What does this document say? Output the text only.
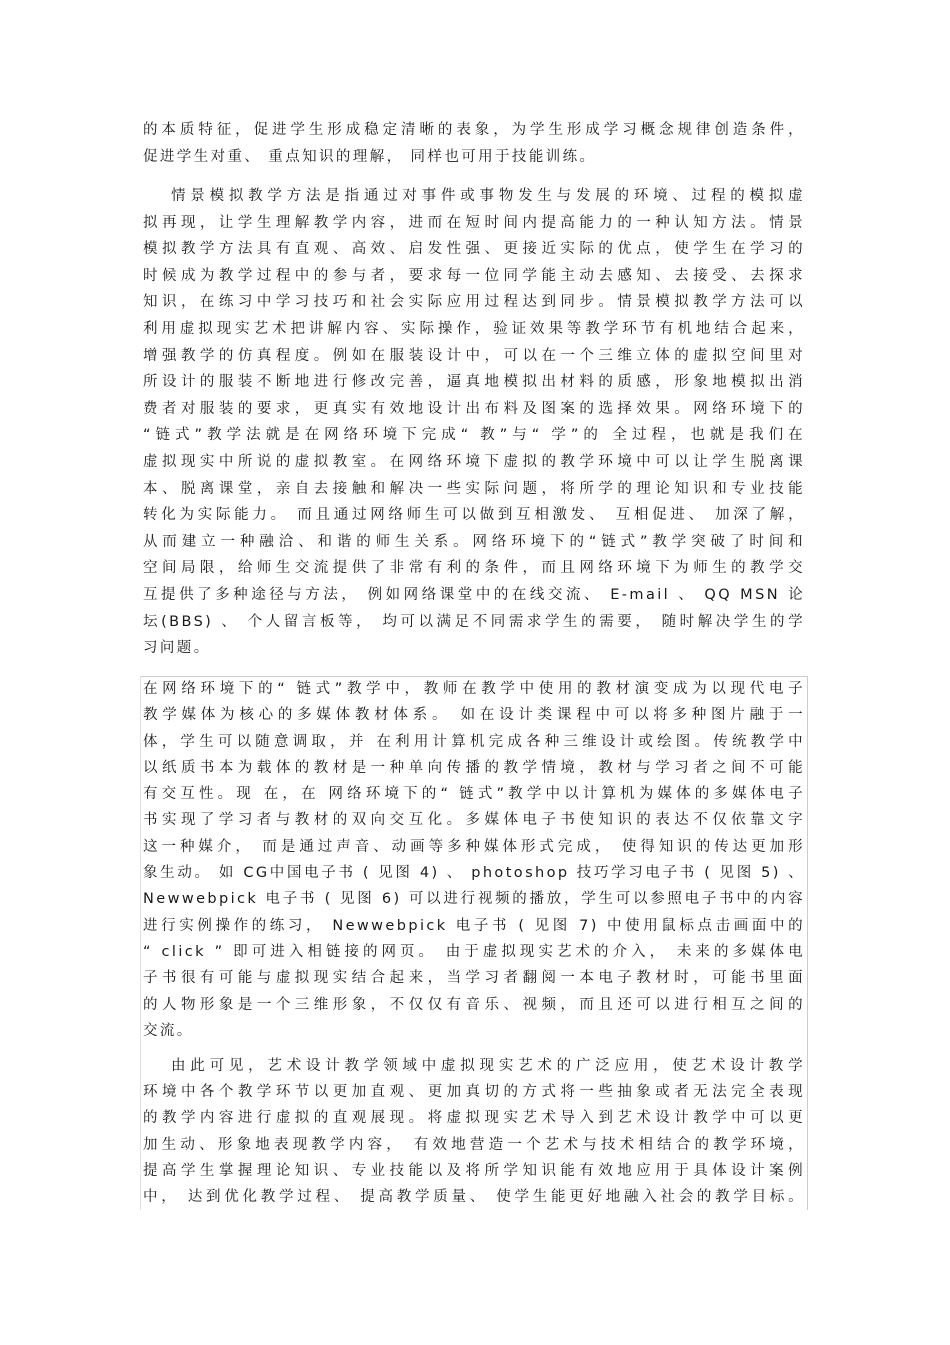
的本质特征，促进学生形成稳定清晰的表象，为学生形成学习概念规律创造条件，
促进学生对重、 重点知识的理解， 同样也可用于技能训练。
情景模拟教学方法是指通过对事件或事物发生与发展的环境、过程的模拟虚
拟再现，让学生理解教学内容，进而在短时间内提高能力的一种认知方法。情景
模拟教学方法具有直观、高效、启发性强、更接近实际的优点，使学生在学习的
时候成为教学过程中的参与者，要求每一位同学能主动去感知、去接受、去探求
知识，在练习中学习技巧和社会实际应用过程达到同步。情景模拟教学方法可以
利用虚拟现实艺术把讲解内容、实际操作，验证效果等教学环节有机地结合起来，
增强教学的仿真程度。例如在服装设计中，可以在一个三维立体的虚拟空间里对
所设计的服装不断地进行修改完善，逼真地模拟出材料的质感，形象地模拟出消
费者对服装的要求，更真实有效地设计出布料及图案的选择效果。网络环境下的
“链式”教学法就是在网络环境下完成“ 教”与“ 学”的 全过程，也就是我们在
虚拟现实中所说的虚拟教室。在网络环境下虚拟的教学环境中可以让学生脱离课
本、脱离课堂，亲自去接触和解决一些实际问题，将所学的理论知识和专业技能
转化为实际能力。 而且通过网络师生可以做到互相激发、 互相促进、 加深了解，
从而建立一种融洽、和谐的师生关系。网络环境下的“链式”教学突破了时间和
空间局限，给师生交流提供了非常有利的条件，而且网络环境下为师生的教学交
互提供了多种途径与方法， 例如网络课堂中的在线交流、 E-mail 、 QQ MSN 论
坛(BBS) 、 个人留言板等， 均可以满足不同需求学生的需要， 随时解决学生的学
习问题。
在网络环境下的“ 链式”教学中，教师在教学中使用的教材演变成为以现代电子
教学媒体为核心的多媒体教材体系。 如在设计类课程中可以将多种图片融于一
体，学生可以随意调取，并 在利用计算机完成各种三维设计或绘图。传统教学中
以纸质书本为载体的教材是一种单向传播的教学情境，教材与学习者之间不可能
有交互性。现 在，在 网络环境下的“ 链式”教学中以计算机为媒体的多媒体电子
书实现了学习者与教材的双向交互化。多媒体电子书使知识的表达不仅依靠文字
这一种媒介， 而是通过声音、动画等多种媒体形式完成， 使得知识的传达更加形
象生动。 如 CG中国电子书 ( 见图 4) 、 photoshop 技巧学习电子书 ( 见图 5) 、
Newwebpick 电子书 ( 见图 6) 可以进行视频的播放，学生可以参照电子书中的内容
进行实例操作的练习， Newwebpick 电子书 ( 见图 7) 中使用鼠标点击画面中的
“ click ” 即可进入相链接的网页。 由于虚拟现实艺术的介入， 未来的多媒体电
子书很有可能与虚拟现实结合起来，当学习者翻阅一本电子教材时，可能书里面
的人物形象是一个三维形象，不仅仅有音乐、视频，而且还可以进行相互之间的
交流。
由此可见，艺术设计教学领域中虚拟现实艺术的广泛应用，使艺术设计教学
环境中各个教学环节以更加直观、更加真切的方式将一些抽象或者无法完全表现
的教学内容进行虚拟的直观展现。将虚拟现实艺术导入到艺术设计教学中可以更
加生动、形象地表现教学内容， 有效地营造一个艺术与技术相结合的教学环境，
提高学生掌握理论知识、专业技能以及将所学知识能有效地应用于具体设计案例
中， 达到优化教学过程、 提高教学质量、 使学生能更好地融入社会的教学目标。
